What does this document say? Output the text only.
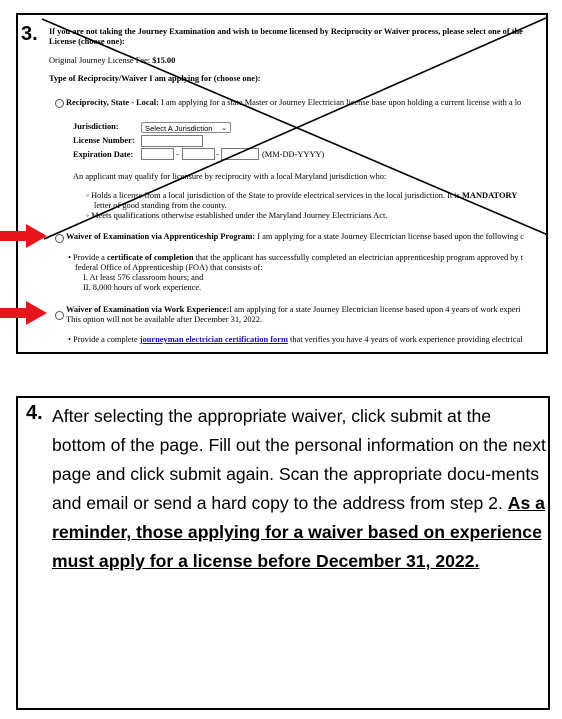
3. If you are not taking the Journey Examination and wish to become licensed by Reciprocity or Waiver process, please select one of the
License (choose one):
Original Journey License Fee: $15.00
Type of Reciprocity/Waiver I am applying for (choose one):
Reciprocity, State - Local: I am applying for a state Master or Journey Electrician license base upon holding a current license with a lo
Jurisdiction:	Select A Jurisdiction ⌄
License Number:
Expiration Date:	-	-	(MM-DD-YYYY)
An applicant may qualify for licensure by reciprocity with a local Maryland jurisdiction who:
◦ Holds a license from a local jurisdiction of the State to provide electrical services in the local jurisdiction. It is MANDATORY
letter of good standing from the county.
◦ Meets qualifications otherwise established under the Maryland Journey Electricians Act.
Waiver of Examination via Apprenticeship Program: I am applying for a state Journey Electrician license based upon the following c
• Provide a certificate of completion that the applicant has successfully completed an electrician apprenticeship program approved by t
federal Office of Apprenticeship (FOA) that consists of:
I. At least 576 classroom hours; and
II. 8,000 hours of work experience.
Waiver of Examination via Work Experience:I am applying for a state Journey Electrician license based upon 4 years of work experi
This option will not be available after December 31, 2022.
• Provide a complete journeyman electrician certification form that verifies you have 4 years of work experience providing electrical
4. After selecting the appropriate waiver, click submit at the bottom of the page. Fill out the personal information on the next page and click submit again. Scan the appropriate docu-ments and email or send a hard copy to the address from step 2. As a reminder, those applying for a waiver based on experience must apply for a license before December 31, 2022.
